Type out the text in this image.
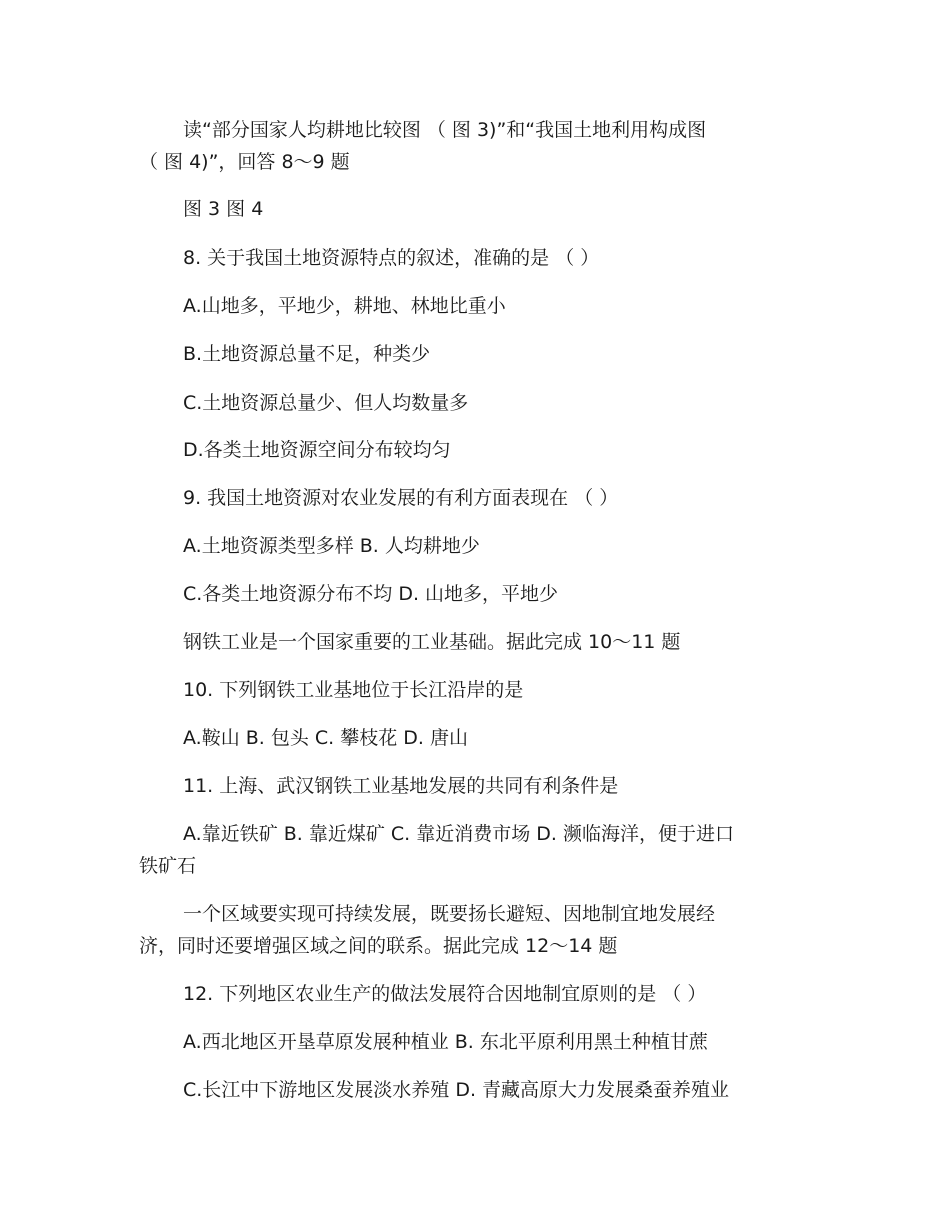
读“部分国家人均耕地比较图 （ 图 3)”和“我国土地利用构成图
（ 图 4)”，回答 8～9 题
图 3 图 4
8. 关于我国土地资源特点的叙述，准确的是 （ ）
A.山地多，平地少，耕地、林地比重小
B.土地资源总量不足，种类少
C.土地资源总量少、但人均数量多
D.各类土地资源空间分布较均匀
9. 我国土地资源对农业发展的有利方面表现在 （ ）
A.土地资源类型多样 B. 人均耕地少
C.各类土地资源分布不均 D. 山地多，平地少
钢铁工业是一个国家重要的工业基础。据此完成 10～11 题
10. 下列钢铁工业基地位于长江沿岸的是
A.鞍山 B. 包头 C. 攀枝花 D. 唐山
11. 上海、武汉钢铁工业基地发展的共同有利条件是
A.靠近铁矿 B. 靠近煤矿 C. 靠近消费市场 D. 濒临海洋，便于进口
铁矿石
一个区域要实现可持续发展，既要扬长避短、因地制宜地发展经
济，同时还要增强区域之间的联系。据此完成 12～14 题
12. 下列地区农业生产的做法发展符合因地制宜原则的是 （ ）
A.西北地区开垦草原发展种植业 B. 东北平原利用黑土种植甘蔗
C.长江中下游地区发展淡水养殖 D. 青藏高原大力发展桑蚕养殖业
